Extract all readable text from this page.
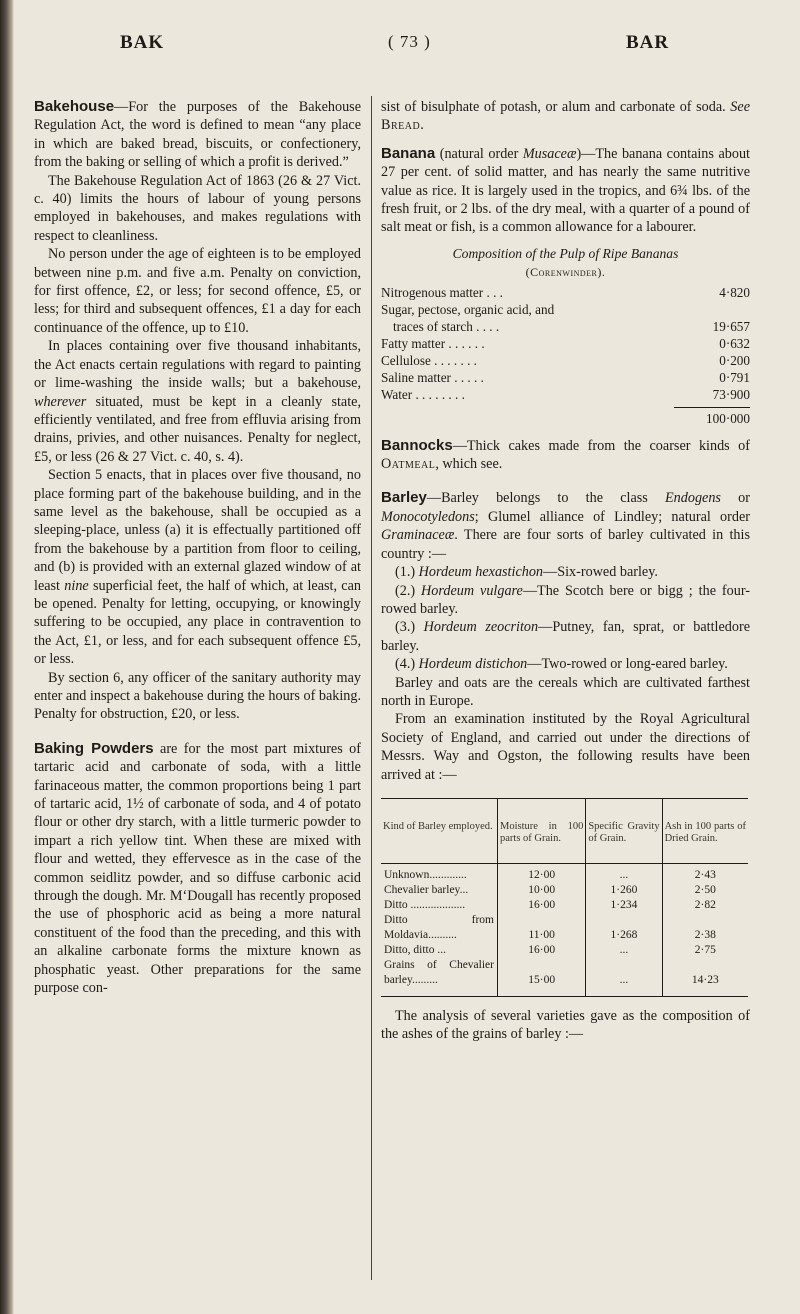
BAK	( 73 )	BAR

Bakehouse—For the purposes of the Bakehouse Regulation Act, the word is defined to mean “any place in which are baked bread, biscuits, or confectionery, from the baking or selling of which a profit is derived.”

The Bakehouse Regulation Act of 1863 (26 & 27 Vict. c. 40) limits the hours of labour of young persons employed in bakehouses, and makes regulations with respect to cleanliness.

No person under the age of eighteen is to be employed between nine p.m. and five a.m. Penalty on conviction, for first offence, £2, or less; for second offence, £5, or less; for third and subsequent offences, £1 a day for each continuance of the offence, up to £10.

In places containing over five thousand inhabitants, the Act enacts certain regulations with regard to painting or lime-washing the inside walls; but a bakehouse, wherever situated, must be kept in a cleanly state, efficiently ventilated, and free from effluvia arising from drains, privies, and other nuisances. Penalty for neglect, £5, or less (26 & 27 Vict. c. 40, s. 4).

Section 5 enacts, that in places over five thousand, no place forming part of the bakehouse building, and in the same level as the bakehouse, shall be occupied as a sleeping-place, unless (a) it is effectually partitioned off from the bakehouse by a partition from floor to ceiling, and (b) is provided with an external glazed window of at least nine superficial feet, the half of which, at least, can be opened. Penalty for letting, occupying, or knowingly suffering to be occupied, any place in contravention to the Act, £1, or less, and for each subsequent offence £5, or less.

By section 6, any officer of the sanitary authority may enter and inspect a bakehouse during the hours of baking. Penalty for obstruction, £20, or less.

Baking Powders are for the most part mixtures of tartaric acid and carbonate of soda, with a little farinaceous matter, the common proportions being 1 part of tartaric acid, 1½ of carbonate of soda, and 4 of potato flour or other dry starch, with a little turmeric powder to impart a rich yellow tint. When these are mixed with flour and wetted, they effervesce as in the case of the common seidlitz powder, and so diffuse carbonic acid through the dough. Mr. M‘Dougall has recently proposed the use of phosphoric acid as being a more natural constituent of the food than the preceding, and this with an alkaline carbonate forms the mixture known as phosphatic yeast. Other preparations for the same purpose con-

sist of bisulphate of potash, or alum and carbonate of soda. See Bread.

Banana (natural order Musaceæ)—The banana contains about 27 per cent. of solid matter, and has nearly the same nutritive value as rice. It is largely used in the tropics, and 6¾ lbs. of the fresh fruit, or 2 lbs. of the dry meal, with a quarter of a pound of salt meat or fish, is a common allowance for a labourer.

Composition of the Pulp of Ripe Bananas
(Corenwinder).
Nitrogenous matter . . .	4·820
Sugar, pectose, organic acid, and
traces of starch . . . .	19·657
Fatty matter . . . . . .	0·632
Cellulose . . . . . . .	0·200
Saline matter . . . . .	0·791
Water . . . . . . . .	73·900
100·000

Bannocks—Thick cakes made from the coarser kinds of Oatmeal, which see.

Barley—Barley belongs to the class Endogens or Monocotyledons; Glumel alliance of Lindley; natural order Graminaceæ. There are four sorts of barley cultivated in this country :—

(1.) Hordeum hexastichon—Six-rowed barley.

(2.) Hordeum vulgare—The Scotch bere or bigg ; the four-rowed barley.

(3.) Hordeum zeocriton—Putney, fan, sprat, or battledore barley.

(4.) Hordeum distichon—Two-rowed or long-eared barley.

Barley and oats are the cereals which are cultivated farthest north in Europe.

From an examination instituted by the Royal Agricultural Society of England, and carried out under the directions of Messrs. Way and Ogston, the following results have been arrived at :—

Kind of Barley employed.	Moisture in 100 parts of Grain.	Specific Gravity of Grain.	Ash in 100 parts of Dried Grain.
Unknown.............	12·00	...	2·43
Chevalier barley...	10·00	1·260	2·50
Ditto ...................	16·00	1·234	2·82
Ditto from Moldavia..........	11·00	1·268	2·38
Ditto, ditto ...	16·00	...	2·75
Grains of Chevalier barley.........	15·00	...	14·23

The analysis of several varieties gave as the composition of the ashes of the grains of barley :—
